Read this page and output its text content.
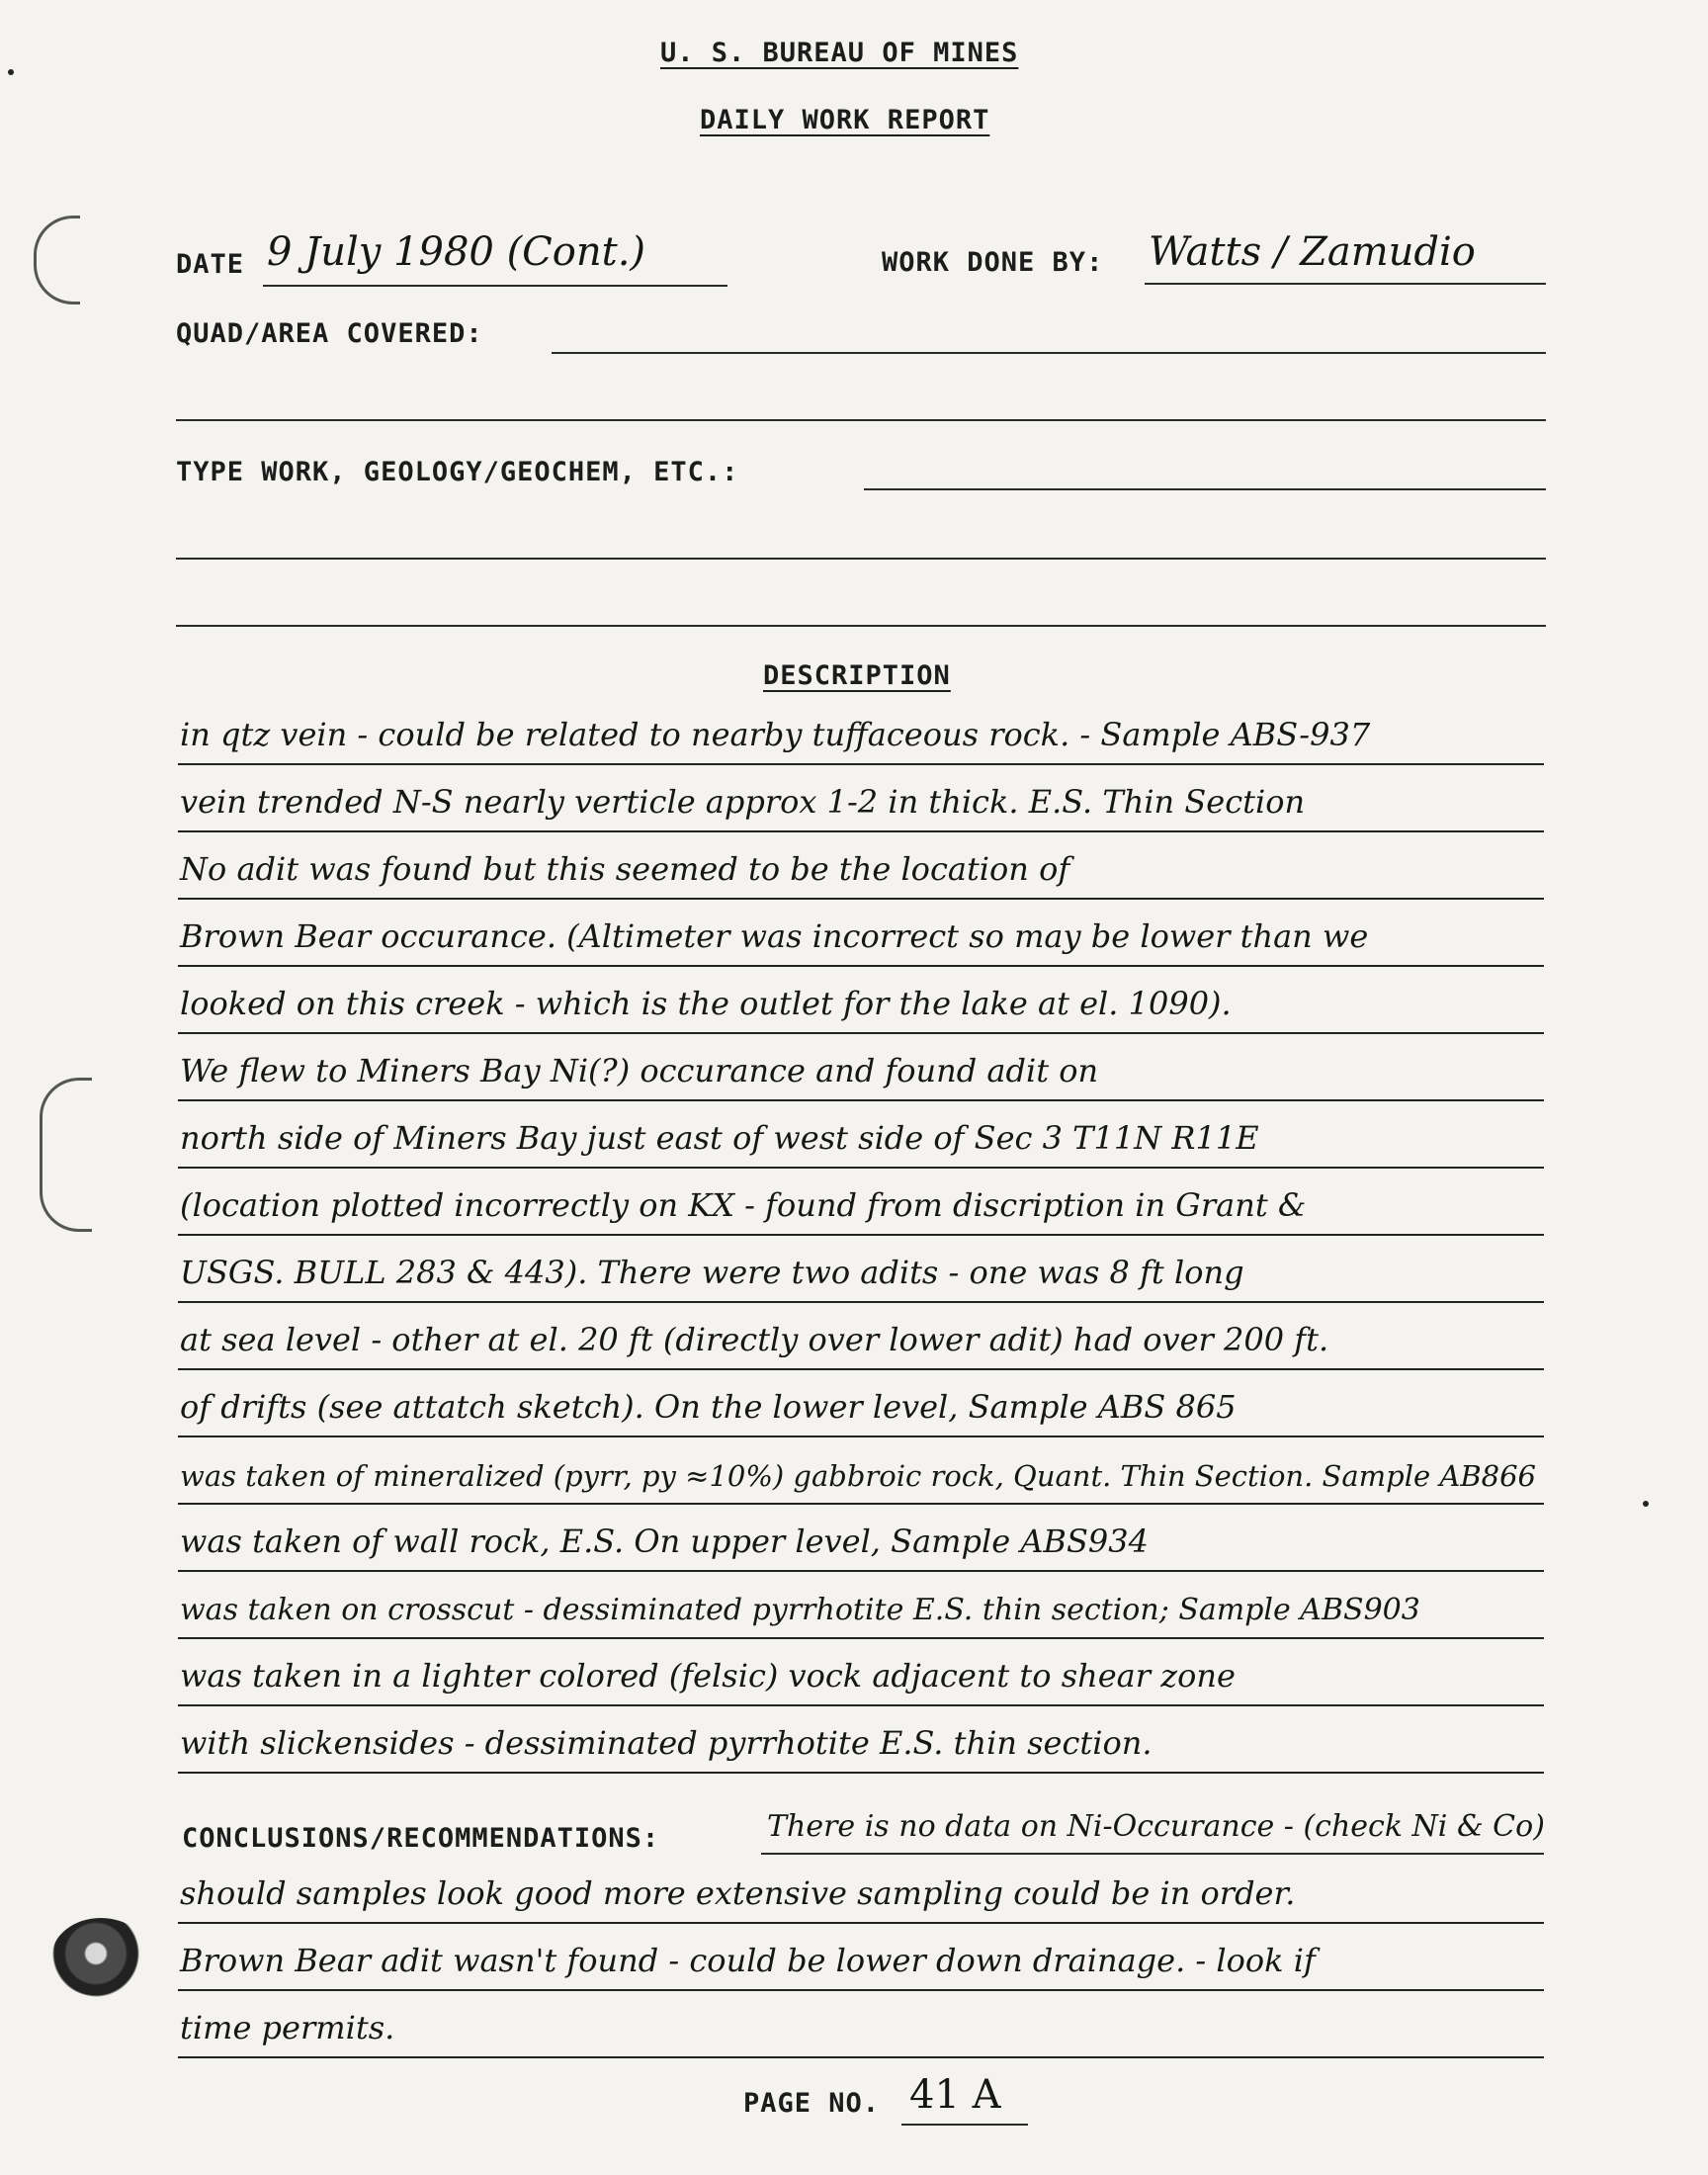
U. S. BUREAU OF MINES
DAILY WORK REPORT
DATE 9 July 1980 (Cont.)	WORK DONE BY: Watts / Zamudio
QUAD/AREA COVERED:
TYPE WORK, GEOLOGY/GEOCHEM, ETC.:
DESCRIPTION
in qtz vein - could be related to nearby tuffaceous rock. - Sample ABS-937
vein trended N-S nearly verticle approx 1-2 in thick. E.S. Thin Section
No adit was found but this seemed to be the location of
Brown Bear occurance. (Altimeter was incorrect so may be lower than we
looked on this creek - which is the outlet for the lake at el. 1090).
We flew to Miners Bay Ni(?) occurance and found adit on
north side of Miners Bay just east of west side of Sec 3 T11N R11E
(location plotted incorrectly on KX - found from discription in Grant &
USGS. BULL 283 & 443). There were two adits - one was 8 ft long
at sea level - other at el. 20 ft (directly over lower adit) had over 200 ft.
of drifts (see attatch sketch). On the lower level, Sample ABS 865
was taken of mineralized (pyrr, py ≈10%) gabbroic rock, Quant. Thin Section. Sample AB866
was taken of wall rock, E.S. On upper level, Sample ABS934
was taken on crosscut - dessiminated pyrrhotite E.S. thin section; Sample ABS903
was taken in a lighter colored (felsic) vock adjacent to shear zone
with slickensides - dessiminated pyrrhotite E.S. thin section.
CONCLUSIONS/RECOMMENDATIONS:	There is no data on Ni-Occurance - (check Ni & Co)
should samples look good more extensive sampling could be in order.
Brown Bear adit wasn't found - could be lower down drainage. - look if
time permits.
PAGE NO. 41 A
